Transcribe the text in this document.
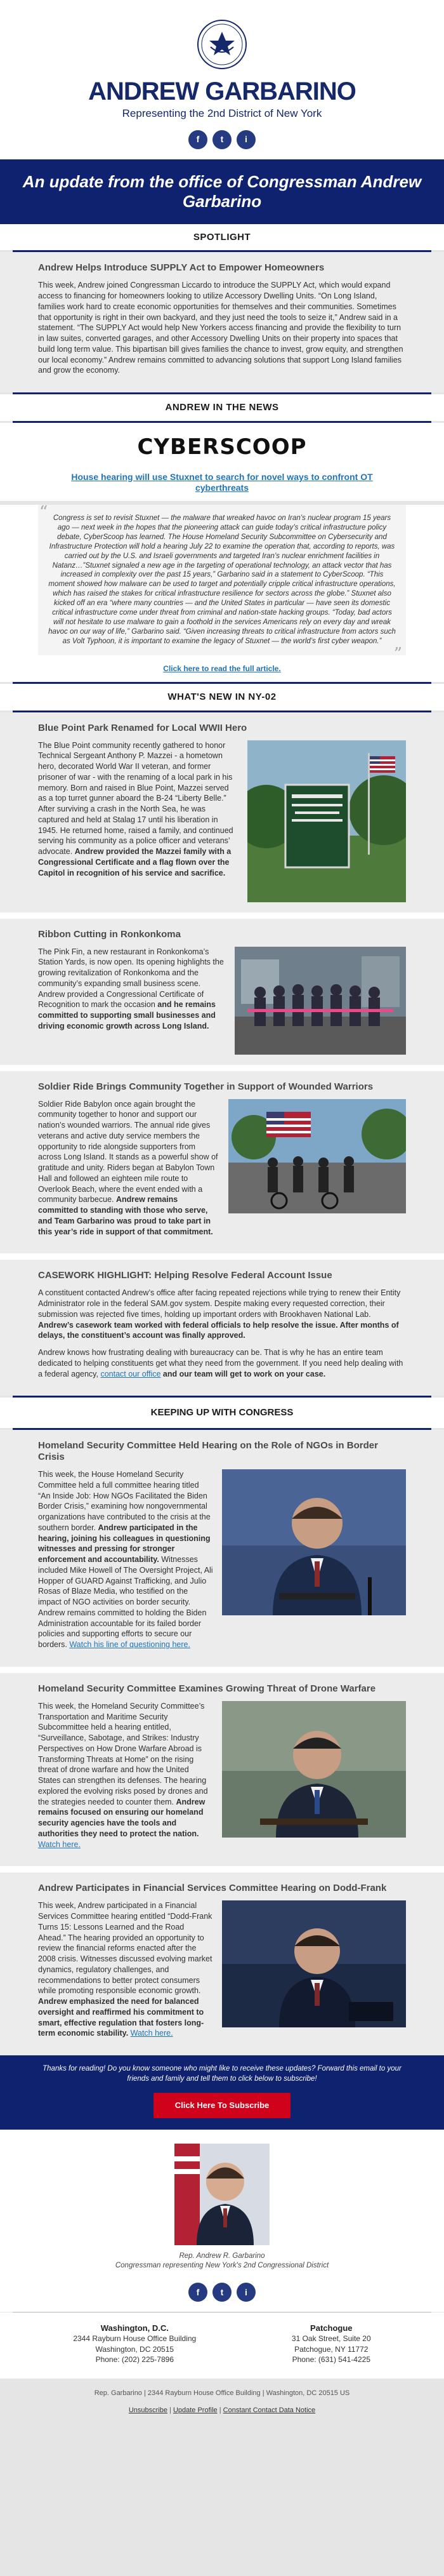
ANDREW GARBARINO
Representing the 2nd District of New York
f	t	i
An update from the office of Congressman Andrew Garbarino
SPOTLIGHT
Andrew Helps Introduce SUPPLY Act to Empower Homeowners

This week, Andrew joined Congressman Liccardo to introduce the SUPPLY Act, which would expand access to financing for homeowners looking to utilize Accessory Dwelling Units. “On Long Island, families work hard to create economic opportunities for themselves and their communities. Sometimes that opportunity is right in their own backyard, and they just need the tools to seize it,” Andrew said in a statement. “The SUPPLY Act would help New Yorkers access financing and provide the flexibility to turn in law suites, converted garages, and other Accessory Dwelling Units on their property into spaces that build long term value. This bipartisan bill gives families the chance to invest, grow equity, and strengthen our local economy.” Andrew remains committed to advancing solutions that support Long Island families and grow the economy.

ANDREW IN THE NEWS
CYBERSCOOP
House hearing will use Stuxnet to search for novel ways to confront OT cyberthreats
“ Congress is set to revisit Stuxnet — the malware that wreaked havoc on Iran’s nuclear program 15 years ago — next week in the hopes that the pioneering attack can guide today’s critical infrastructure policy debate, CyberScoop has learned. The House Homeland Security Subcommittee on Cybersecurity and Infrastructure Protection will hold a hearing July 22 to examine the operation that, according to reports, was carried out by the U.S. and Israeli governments and targeted Iran’s nuclear enrichment facilities in Natanz…”Stuxnet signaled a new age in the targeting of operational technology, an attack vector that has increased in complexity over the past 15 years,” Garbarino said in a statement to CyberScoop. “This moment showed how malware can be used to target and potentially cripple critical infrastructure operations, which has raised the stakes for critical infrastructure resilience for sectors across the globe.” Stuxnet also kicked off an era “where many countries — and the United States in particular — have seen its domestic critical infrastructure come under threat from criminal and nation-state hacking groups. “Today, bad actors will not hesitate to use malware to gain a foothold in the services Americans rely on every day and wreak havoc on our way of life,” Garbarino said. “Given increasing threats to critical infrastructure from actors such as Volt Typhoon, it is important to examine the legacy of Stuxnet — the world’s first cyber weapon.”
”
Click here to read the full article.
WHAT'S NEW IN NY-02
Blue Point Park Renamed for Local WWII Hero

The Blue Point community recently gathered to honor Technical Sergeant Anthony P. Mazzei - a hometown hero, decorated World War II veteran, and former prisoner of war - with the renaming of a local park in his memory. Born and raised in Blue Point, Mazzei served as a top turret gunner aboard the B-24 “Liberty Belle.” After surviving a crash in the North Sea, he was captured and held at Stalag 17 until his liberation in 1945. He returned home, raised a family, and continued serving his community as a police officer and veterans’ advocate. Andrew provided the Mazzei family with a Congressional Certificate and a flag flown over the Capitol in recognition of his service and sacrifice.

Ribbon Cutting in Ronkonkoma

The Pink Fin, a new restaurant in Ronkonkoma’s Station Yards, is now open. Its opening highlights the growing revitalization of Ronkonkoma and the community’s expanding small business scene. Andrew provided a Congressional Certificate of Recognition to mark the occasion and he remains committed to supporting small businesses and driving economic growth across Long Island.

Soldier Ride Brings Community Together in Support of Wounded Warriors

Soldier Ride Babylon once again brought the community together to honor and support our nation’s wounded warriors. The annual ride gives veterans and active duty service members the opportunity to ride alongside supporters from across Long Island. It stands as a powerful show of gratitude and unity. Riders began at Babylon Town Hall and followed an eighteen mile route to Overlook Beach, where the event ended with a community barbecue. Andrew remains committed to standing with those who serve, and Team Garbarino was proud to take part in this year’s ride in support of that commitment.

CASEWORK HIGHLIGHT: Helping Resolve Federal Account Issue

A constituent contacted Andrew’s office after facing repeated rejections while trying to renew their Entity Administrator role in the federal SAM.gov system. Despite making every requested correction, their submission was rejected five times, holding up important orders with Brookhaven National Lab. Andrew’s casework team worked with federal officials to help resolve the issue. After months of delays, the constituent’s account was finally approved.

Andrew knows how frustrating dealing with bureaucracy can be. That is why he has an entire team dedicated to helping constituents get what they need from the government. If you need help dealing with a federal agency, contact our office and our team will get to work on your case.

KEEPING UP WITH CONGRESS
Homeland Security Committee Held Hearing on the Role of NGOs in Border Crisis

This week, the House Homeland Security Committee held a full committee hearing titled “An Inside Job: How NGOs Facilitated the Biden Border Crisis,” examining how nongovernmental organizations have contributed to the crisis at the southern border. Andrew participated in the hearing, joining his colleagues in questioning witnesses and pressing for stronger enforcement and accountability. Witnesses included Mike Howell of The Oversight Project, Ali Hopper of GUARD Against Trafficking, and Julio Rosas of Blaze Media, who testified on the impact of NGO activities on border security. Andrew remains committed to holding the Biden Administration accountable for its failed border policies and supporting efforts to secure our borders. Watch his line of questioning here.

Homeland Security Committee Examines Growing Threat of Drone Warfare

This week, the Homeland Security Committee’s Transportation and Maritime Security Subcommittee held a hearing entitled, “Surveillance, Sabotage, and Strikes: Industry Perspectives on How Drone Warfare Abroad is Transforming Threats at Home” on the rising threat of drone warfare and how the United States can strengthen its defenses. The hearing explored the evolving risks posed by drones and the strategies needed to counter them. Andrew remains focused on ensuring our homeland security agencies have the tools and authorities they need to protect the nation. Watch here.

Andrew Participates in Financial Services Committee Hearing on Dodd-Frank

This week, Andrew participated in a Financial Services Committee hearing entitled “Dodd-Frank Turns 15: Lessons Learned and the Road Ahead.” The hearing provided an opportunity to review the financial reforms enacted after the 2008 crisis. Witnesses discussed evolving market dynamics, regulatory challenges, and recommendations to better protect consumers while promoting responsible economic growth. Andrew emphasized the need for balanced oversight and reaffirmed his commitment to smart, effective regulation that fosters long-term economic stability. Watch here.

Thanks for reading! Do you know someone who might like to receive these updates? Forward this email to your friends and family and tell them to click below to subscribe!
Click Here To Subscribe
Rep. Andrew R. Garbarino
Congressman representing New York's 2nd Congressional District
f	t	i
Washington, D.C.
2344 Rayburn House Office Building
Washington, DC 20515
Phone: (202) 225-7896
Patchogue
31 Oak Street, Suite 20
Patchogue, NY 11772
Phone: (631) 541-4225
Rep. Garbarino | 2344 Rayburn House Office Building | Washington, DC 20515 US
Unsubscribe | Update Profile | Constant Contact Data Notice
